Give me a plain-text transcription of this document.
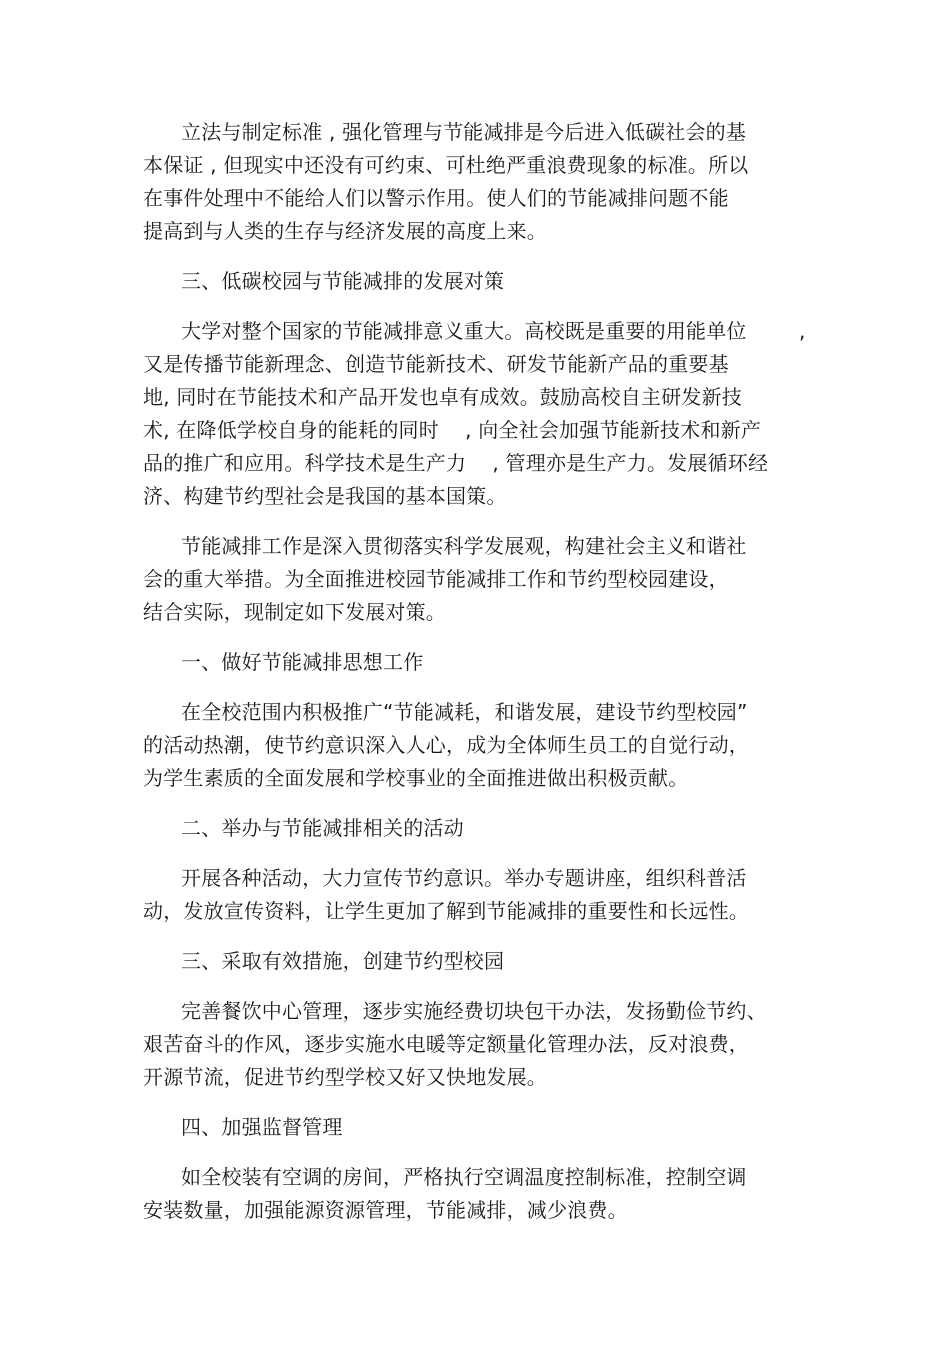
立法与制定标准 , 强化管理与节能减排是今后进入低碳社会的基
本保证 , 但现实中还没有可约束、可杜绝严重浪费现象的标准。所以
在事件处理中不能给人们以警示作用。使人们的节能减排问题不能
提高到与人类的生存与经济发展的高度上来。
三、低碳校园与节能减排的发展对策
大学对整个国家的节能减排意义重大。高校既是重要的用能单位        ,
又是传播节能新理念、创造节能新技术、研发节能新产品的重要基
地, 同时在节能技术和产品开发也卓有成效。鼓励高校自主研发新技
术, 在降低学校自身的能耗的同时    , 向全社会加强节能新技术和新产
品的推广和应用。科学技术是生产力    , 管理亦是生产力。发展循环经
济、构建节约型社会是我国的基本国策。
节能减排工作是深入贯彻落实科学发展观，构建社会主义和谐社
会的重大举措。为全面推进校园节能减排工作和节约型校园建设，
结合实际，现制定如下发展对策。
一、做好节能减排思想工作
在全校范围内积极推广“节能减耗，和谐发展，建设节约型校园”
的活动热潮，使节约意识深入人心，成为全体师生员工的自觉行动，
为学生素质的全面发展和学校事业的全面推进做出积极贡献。
二、举办与节能减排相关的活动
开展各种活动，大力宣传节约意识。举办专题讲座，组织科普活
动，发放宣传资料，让学生更加了解到节能减排的重要性和长远性。
三、采取有效措施，创建节约型校园
完善餐饮中心管理，逐步实施经费切块包干办法，发扬勤俭节约、
艰苦奋斗的作风，逐步实施水电暖等定额量化管理办法，反对浪费，
开源节流，促进节约型学校又好又快地发展。
四、加强监督管理
如全校装有空调的房间，严格执行空调温度控制标准，控制空调
安装数量，加强能源资源管理，节能减排，减少浪费。
